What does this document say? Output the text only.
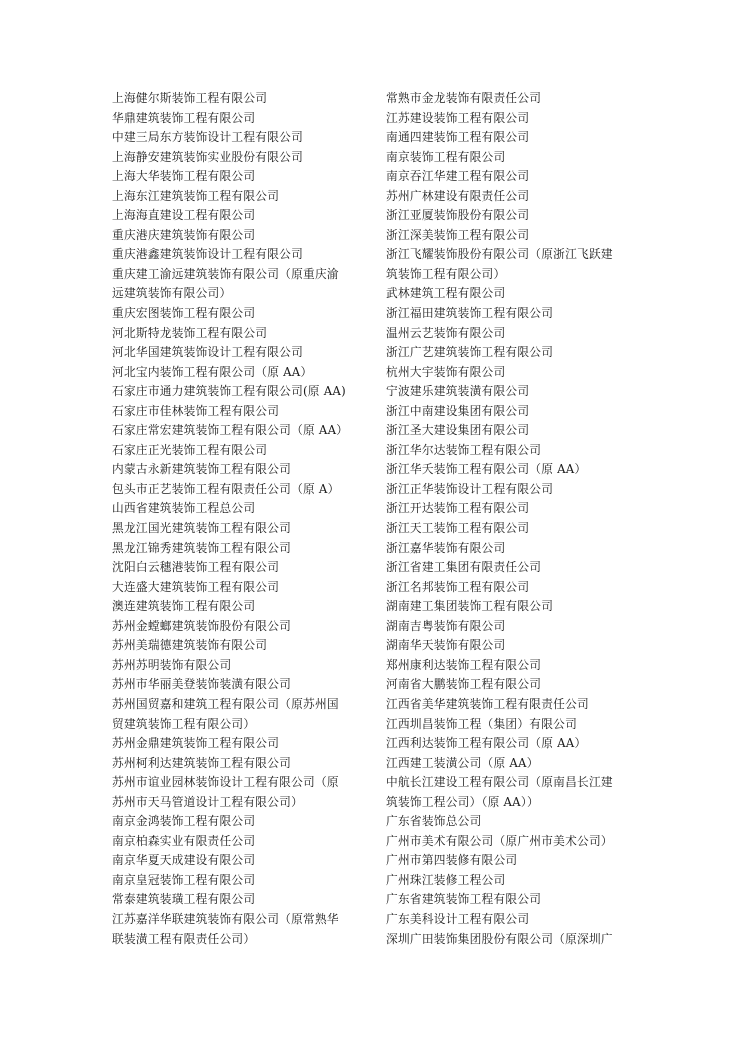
上海健尔斯装饰工程有限公司
华鼎建筑装饰工程有限公司
中建三局东方装饰设计工程有限公司
上海静安建筑装饰实业股份有限公司
上海大华装饰工程有限公司
上海东江建筑装饰工程有限公司
上海海直建设工程有限公司
重庆港庆建筑装饰有限公司
重庆港鑫建筑装饰设计工程有限公司
重庆建工渝远建筑装饰有限公司（原重庆渝
远建筑装饰有限公司）
重庆宏图装饰工程有限公司
河北斯特龙装饰工程有限公司
河北华国建筑装饰设计工程有限公司
河北宝内装饰工程有限公司（原 AA）
石家庄市通力建筑装饰工程有限公司(原 AA)
石家庄市佳林装饰工程有限公司
石家庄常宏建筑装饰工程有限公司（原 AA）
石家庄正光装饰工程有限公司
内蒙古永新建筑装饰工程有限公司
包头市正艺装饰工程有限责任公司（原 A）
山西省建筑装饰工程总公司
黑龙江国光建筑装饰工程有限公司
黑龙江锦秀建筑装饰工程有限公司
沈阳白云穗港装饰工程有限公司
大连盛大建筑装饰工程有限公司
澳连建筑装饰工程有限公司
苏州金螳螂建筑装饰股份有限公司
苏州美瑞德建筑装饰有限公司
苏州苏明装饰有限公司
苏州市华丽美登装饰装潢有限公司
苏州国贸嘉和建筑工程有限公司（原苏州国
贸建筑装饰工程有限公司）
苏州金鼎建筑装饰工程有限公司
苏州柯利达建筑装饰工程有限公司
苏州市谊业园林装饰设计工程有限公司（原
苏州市天马管道设计工程有限公司）
南京金鸿装饰工程有限公司
南京柏森实业有限责任公司
南京华夏天成建设有限公司
南京皇冠装饰工程有限公司
常泰建筑装璜工程有限公司
江苏嘉洋华联建筑装饰有限公司（原常熟华
联装潢工程有限责任公司）
常熟市金龙装饰有限责任公司
江苏建设装饰工程有限公司
南通四建装饰工程有限公司
南京装饰工程有限公司
南京吞江华建工程有限公司
苏州广林建设有限责任公司
浙江亚厦装饰股份有限公司
浙江深美装饰工程有限公司
浙江飞耀装饰股份有限公司（原浙江飞跃建
筑装饰工程有限公司）
武林建筑工程有限公司
浙江福田建筑装饰工程有限公司
温州云艺装饰有限公司
浙江广艺建筑装饰工程有限公司
杭州大宇装饰有限公司
宁波建乐建筑装潢有限公司
浙江中南建设集团有限公司
浙江圣大建设集团有限公司
浙江华尔达装饰工程有限公司
浙江华夭装饰工程有限公司（原 AA）
浙江正华装饰设计工程有限公司
浙江开达装饰工程有限公司
浙江天工装饰工程有限公司
浙江嘉华装饰有限公司
浙江省建工集团有限责任公司
浙江名邦装饰工程有限公司
湖南建工集团装饰工程有限公司
湖南吉粤装饰有限公司
湖南华天装饰有限公司
郑州康利达装饰工程有限公司
河南省大鹏装饰工程有限公司
江西省美华建筑装饰工程有限责任公司
江西圳昌装饰工程（集团）有限公司
江西利达装饰工程有限公司（原 AA）
江西建工装潢公司（原 AA）
中航长江建设工程有限公司（原南昌长江建
筑装饰工程公司）（原 AA））
广东省装饰总公司
广州市美术有限公司（原广州市美术公司）
广州市第四装修有限公司
广州珠江装修工程公司
广东省建筑装饰工程有限公司
广东美科设计工程有限公司
深圳广田装饰集团股份有限公司（原深圳广
